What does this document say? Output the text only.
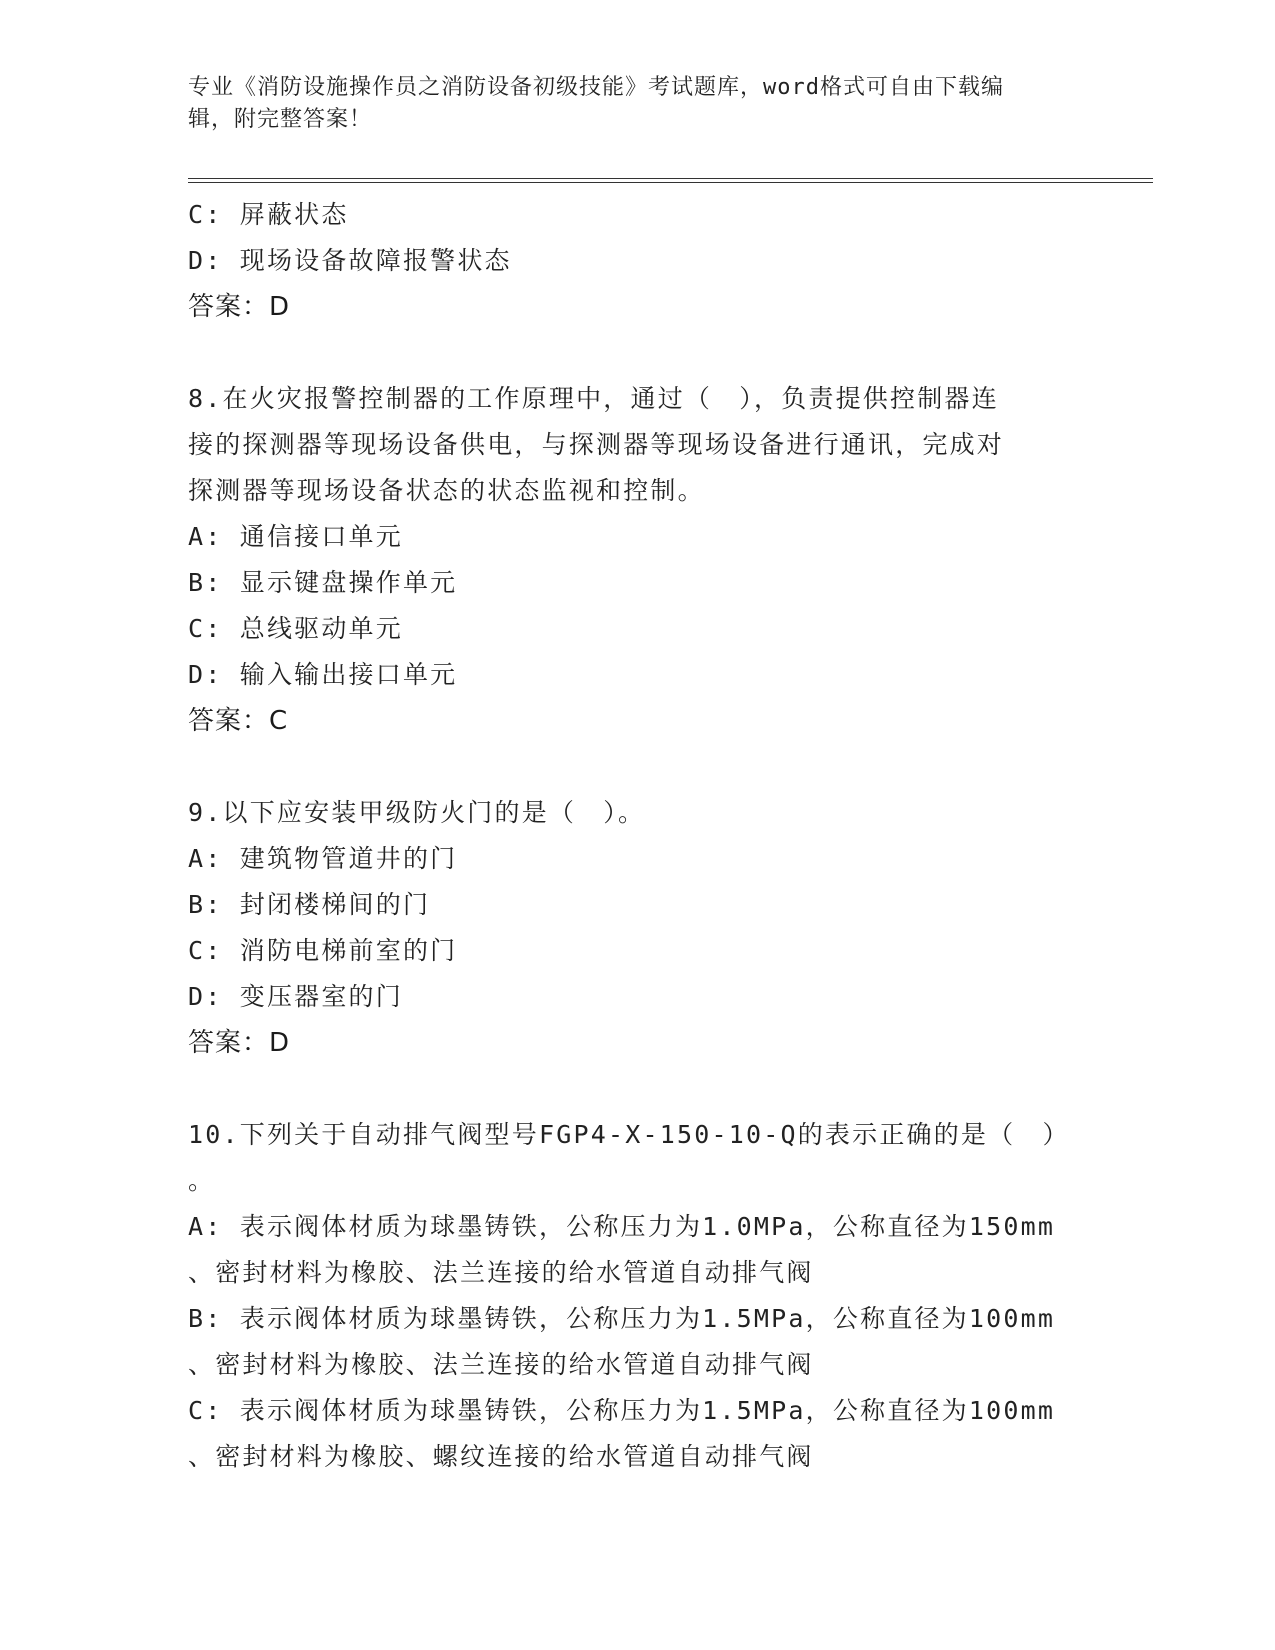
专业《消防设施操作员之消防设备初级技能》考试题库，word格式可自由下载编
辑，附完整答案！
C: 屏蔽状态
D: 现场设备故障报警状态
答案：D
8.在火灾报警控制器的工作原理中，通过（　），负责提供控制器连
接的探测器等现场设备供电，与探测器等现场设备进行通讯，完成对
探测器等现场设备状态的状态监视和控制。
A: 通信接口单元
B: 显示键盘操作单元
C: 总线驱动单元
D: 输入输出接口单元
答案：C
9.以下应安装甲级防火门的是（　）。
A: 建筑物管道井的门
B: 封闭楼梯间的门
C: 消防电梯前室的门
D: 变压器室的门
答案：D
10.下列关于自动排气阀型号FGP4-X-150-10-Q的表示正确的是（　）
。
A: 表示阀体材质为球墨铸铁，公称压力为1.0MPa，公称直径为150mm
、密封材料为橡胶、法兰连接的给水管道自动排气阀
B: 表示阀体材质为球墨铸铁，公称压力为1.5MPa，公称直径为100mm
、密封材料为橡胶、法兰连接的给水管道自动排气阀
C: 表示阀体材质为球墨铸铁，公称压力为1.5MPa，公称直径为100mm
、密封材料为橡胶、螺纹连接的给水管道自动排气阀
